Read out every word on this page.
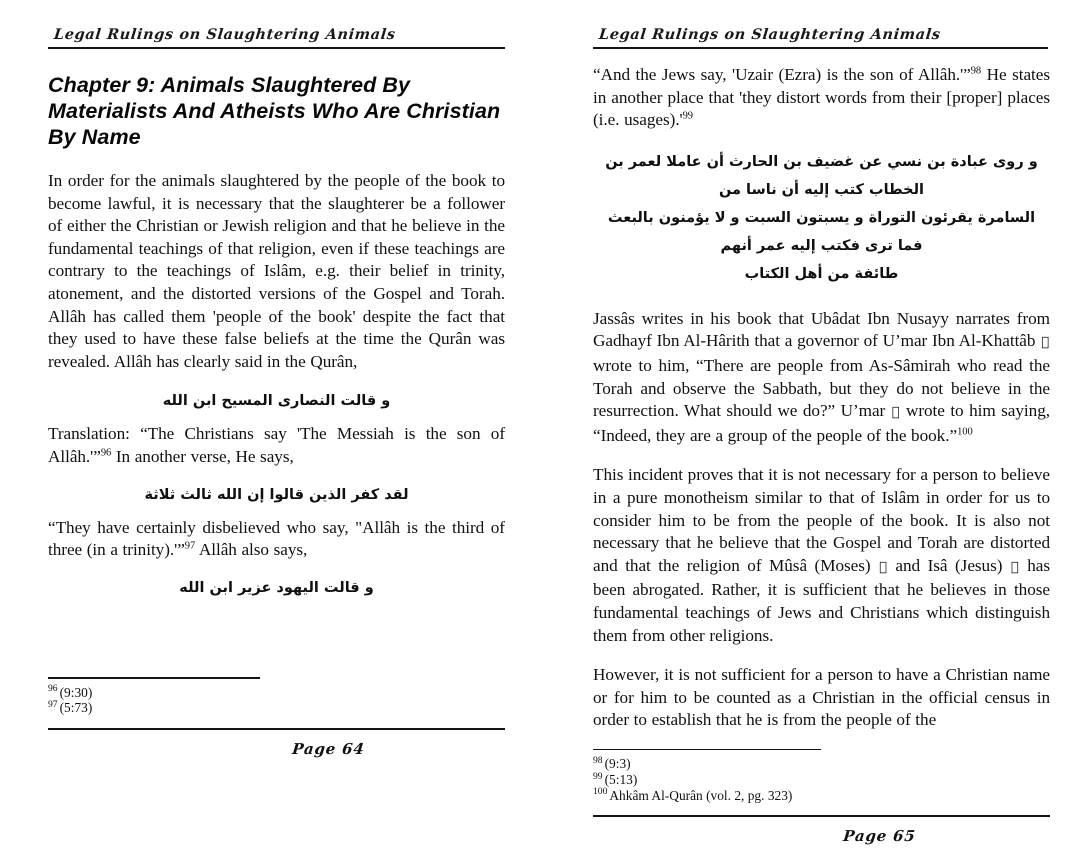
Legal Rulings on Slaughtering Animals
Chapter 9: Animals Slaughtered By Materialists And Atheists Who Are Christian By Name

In order for the animals slaughtered by the people of the book to become lawful, it is necessary that the slaughterer be a follower of either the Christian or Jewish religion and that he believe in the fundamental teachings of that religion, even if these teachings are contrary to the teachings of Islâm, e.g. their belief in trinity, atonement, and the distorted versions of the Gospel and Torah. Allâh has called them 'people of the book' despite the fact that they used to have these false beliefs at the time the Qurân was revealed. Allâh has clearly said in the Qurân,

و قالت النصارى المسيح ابن الله

Translation: “The Christians say 'The Messiah is the son of Allâh.'”$^{96}$ In another verse, He says,

لقد كفر الذين قالوا إن الله ثالث ثلاثة

“They have certainly disbelieved who say, "Allâh is the third of three (in a trinity).'”$^{97}$ Allâh also says,

و قالت اليهود عزير ابن الله
$^{96}$ (9:30)
$^{97}$ (5:73)
Page 64
Legal Rulings on Slaughtering Animals

“And the Jews say, 'Uzair (Ezra) is the son of Allâh.'”$^{98}$ He states in another place that 'they distort words from their [proper] places (i.e. usages).'$^{99}$

و روى عبادة بن نسي عن غضيف بن الحارث أن عاملا لعمر بن الخطاب كتب إليه أن ناسا من
السامرة يقرئون التوراة و يسبتون السبت و لا يؤمنون بالبعث فما ترى فكتب إليه عمر أنهم
طائفة من أهل الكتاب

Jassâs writes in his book that Ubâdat Ibn Nusayy narrates from Gadhayf Ibn Al-Hârith that a governor of U’mar Ibn Al-Khattâb ﷦ wrote to him, “There are people from As-Sâmirah who read the Torah and observe the Sabbath, but they do not believe in the resurrection. What should we do?” U’mar ﷦ wrote to him saying, “Indeed, they are a group of the people of the book.”$^{100}$

This incident proves that it is not necessary for a person to believe in a pure monotheism similar to that of Islâm in order for us to consider him to be from the people of the book. It is also not necessary that he believe that the Gospel and Torah are distorted and that the religion of Mûsâ (Moses) ﷩ and Isâ (Jesus) ﷩ has been abrogated. Rather, it is sufficient that he believes in those fundamental teachings of Jews and Christians which distinguish them from other religions.

However, it is not sufficient for a person to have a Christian name or for him to be counted as a Christian in the official census in order to establish that he is from the people of the

$^{98}$ (9:3)
$^{99}$ (5:13)
$^{100}$ Ahkâm Al-Qurân (vol. 2, pg. 323)
Page 65
